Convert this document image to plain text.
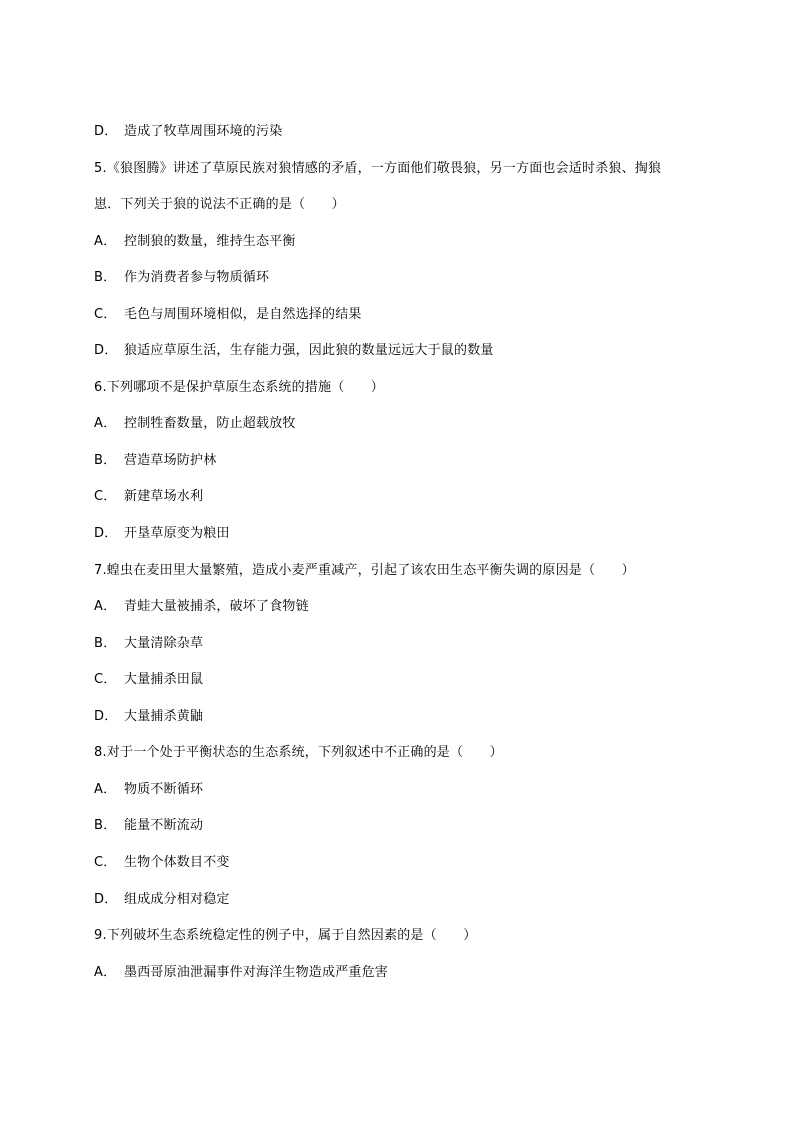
D． 造成了牧草周围环境的污染
5.《狼图腾》讲述了草原民族对狼情感的矛盾，一方面他们敬畏狼，另一方面也会适时杀狼、掏狼
崽．下列关于狼的说法不正确的是（　　）
A． 控制狼的数量，维持生态平衡
B． 作为消费者参与物质循环
C． 毛色与周围环境相似，是自然选择的结果
D． 狼适应草原生活，生存能力强，因此狼的数量远远大于鼠的数量
6.下列哪项不是保护草原生态系统的措施（　　）
A． 控制牲畜数量，防止超载放牧
B． 营造草场防护林
C． 新建草场水利
D． 开垦草原变为粮田
7.蝗虫在麦田里大量繁殖，造成小麦严重减产，引起了该农田生态平衡失调的原因是（　　）
A． 青蛙大量被捕杀，破坏了食物链
B． 大量清除杂草
C． 大量捕杀田鼠
D． 大量捕杀黄鼬
8.对于一个处于平衡状态的生态系统，下列叙述中不正确的是（　　）
A． 物质不断循环
B． 能量不断流动
C． 生物个体数目不变
D． 组成成分相对稳定
9.下列破坏生态系统稳定性的例子中，属于自然因素的是（　　）
A． 墨西哥原油泄漏事件对海洋生物造成严重危害
